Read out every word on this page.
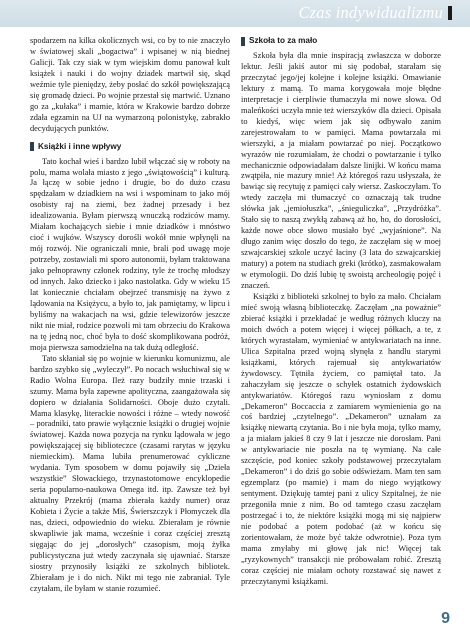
Czas indywidualizmu

spodarzem na kilka okolicznych wsi, co by to nie znaczyło w światowej skali „bogactwa” i wpisanej w nią biednej Galicji. Tak czy siak w tym wiejskim domu panował kult książek i nauki i do wojny dziadek martwił się, skąd weźmie tyle pieniędzy, żeby posłać do szkół powiększającą się gromadę dzieci. Po wojnie przestał się martwić. Uznano go za „kułaka” i mamie, która w Krakowie bardzo dobrze zdała egzamin na UJ na wymarzoną polonistykę, zabrakło decydujących punktów.

Książki i inne wpływy

Tato kochał wieś i bardzo lubił włączać się w roboty na polu, mama wolała miasto z jego „świątowością” i kulturą. Ja łączę w sobie jedno i drugie, bo do dużo czasu spędzałam w dziadkiem na wsi i wspominam to jako mój osobisty raj na ziemi, bez żadnej przesady i bez idealizowania. Byłam pierwszą wnuczką rodziców mamy. Miałam kochających siebie i mnie dziadków i mnóstwo cioć i wujków. Wszyscy dorośli wokół mnie wpłynęli na mój rozwój. Nie ograniczali mnie, brali pod uwagę moje potrzeby, zostawiali mi sporo autonomii, byłam traktowana jako pełnoprawny członek rodziny, tyle że trochę młodszy od innych. Jako dziecko i jako nastolatka. Gdy w wieku 15 lat koniecznie chciałam obejrzeć transmisję na żywo z lądowania na Księżycu, a było to, jak pamiętamy, w lipcu i byliśmy na wakacjach na wsi, gdzie telewizorów jeszcze nikt nie miał, rodzice pozwoli mi tam obrzeciu do Krakowa na tę jedną noc, choć była to dość skomplikowana podróż, moja pierwsza samodzielna na tak dużą odległość.

Tato skłaniał się po wojnie w kierunku komunizmu, ale bardzo szybko się „wyleczył”. Po nocach wsłuchiwał się w Radio Wolna Europa. Ileż razy budziły mnie trzaski i szumy. Mama była zapewne apolityczna, zaangażowała się dopiero w działania Solidarności. Oboje dużo czytali. Mama klasykę, literackie nowości i różne – wtedy nowość – poradniki, tato prawie wyłącznie książki o drugiej wojnie światowej. Każda nowa pozycja na rynku lądowała w jego powiększającej się biblioteczce (czasami rarytas w języku niemieckim). Mama lubiła prenumerować cykliczne wydania. Tym sposobem w domu pojawiły się „Dzieła wszystkie” Słowackiego, trzynastotomowe encyklopedie seria popularno-naukowa Omega itd. itp. Zawsze też był aktualny Przekrój (mama zbierała każdy numer) oraz Kobieta i Życie a także Miś, Świerszczyk i Płomyczek dla nas, dzieci, odpowiednio do wieku. Zbierałam je równie skwapliwie jak mama, wcześnie i coraz częściej zresztą sięgając do jej „dorosłych” czasopism, moją żyłka publicystyczna już wtedy zaczynała się ujawniać. Starsze siostry przynosiły książki ze szkolnych bibliotek. Zbierałam je i do nich. Nikt mi tego nie zabraniał. Tyle czytałam, ile byłam w stanie rozumieć.

Szkoła to za mało

Szkoła była dla mnie inspiracją zwłaszcza w doborze lektur. Jeśli jakiś autor mi się podobał, starałam się przeczytać jego/jej kolejne i kolejne książki. Omawianie lektury z mamą. To mama korygowała moje błędne interpretacje i cierpliwie tłumaczyła mi nowe słowa. Od maleńkości uczyła mnie też wierszyków dla dzieci. Opisała to kiedyś, więc wiem jak się odbywało zanim zarejestrowałam to w pamięci. Mama powtarzała mi wierszyki, a ja miałam powtarzać po niej. Początkowo wyrazów nie rozumiałam, że chodzi o powtarzanie i tylko mechanicznie odpowiadałam dalsze linijki. W końcu mama zwątpiła, nie mazury mnie! Aż któregoś razu usłyszała, że bawiąc się recytuję z pamięci cały wiersz. Zaskoczyłam. To wtedy zaczęła mi tłumaczyć co oznaczają tak trudne słówka jak „jemiołuszka”, „śnieguliczka”, „Przydróżka”. Stało się to naszą zwykłą zabawą aż ho, ho, do dorosłości, każde nowe obce słowo musiało być „wyjaśnione”. Na długo zanim więc doszło do tego, że zaczęłam się w moej szwajcarskiej szkole uczyć łaciny (3 lata do szwajcarskiej matury) a potem na studiach greki (krótko), zasmakowałam w etymologii. Do dziś lubię tę swoistą archeologię pojęć i znaczeń.

Książki z biblioteki szkolnej to było za mało. Chciałam mieć swoją własną biblioteczkę. Zaczęłam „na poważnie” zbierać książki i przekładać je według różnych kluczy na moich dwóch a potem więcej i więcej półkach, a te, z których wyrastałam, wymieniać w antykwariatach na inne. Ulica Szpitalna przed wojną słynęła z handlu starymi książkami, których rajemuał się antykwariatów żywdowscy. Tętniła życiem, co pamiętał tato. Ja zahaczyłam się jeszcze o schyłek ostatnich żydowskich antykwariatów. Któregoś razu wyniosłam z domu „Dekameron” Boccaccia z zamiarem wymienienia go na coś bardziej „czytelnego”. „Dekameron” uznałam za książkę niewartą czytania. Bo i nie była moja, tylko mamy, a ja miałam jakieś 8 czy 9 lat i jeszcze nie dorosłam. Pani w antykwariacie nie poszła na tę wymianę. Na całe szczęście, pod koniec szkoły podstawowej przeczytałam „Dekameron” i do dziś go sobie odświeżam. Mam ten sam egzemplarz (po mamie) i mam do niego wyjątkowy sentyment. Dziękuję tamtej pani z ulicy Szpitalnej, że nie przegoniła mnie z nim. Bo od tamtego czasu zaczęłam postrzegać i to, że niektóre książki mogą mi się najpierw nie podobać a potem podobać (aż w końcu się zorientowałam, że może być także odwrotnie). Poza tym mama zmyłaby mi głowę jak nic! Więcej tak „ryzykownych” transakcji nie próbowałam robić. Zresztą coraz częściej nie miałam ochoty rozstawać się nawet z przeczytanymi książkami.

9
